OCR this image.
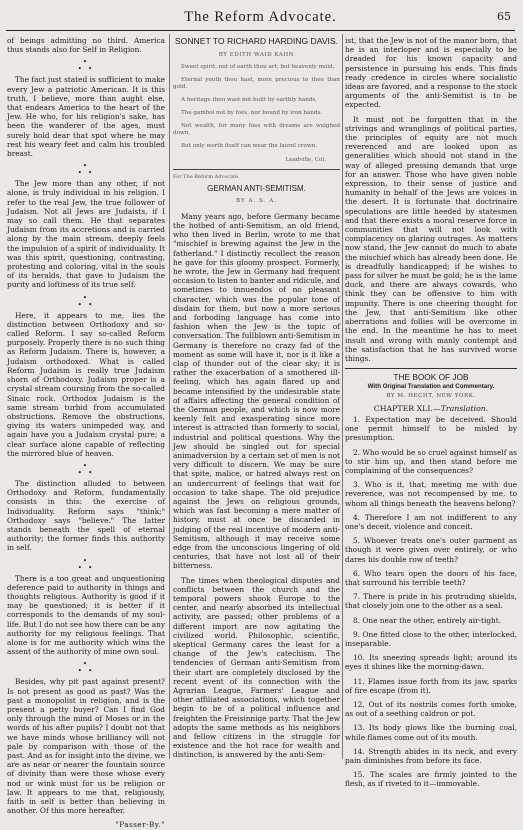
The Reform Advocate.	65

of beings admitting no third. America thus stands also for Self in Religion.

•
• •

The fact just stated is sufficient to make every Jew a patriotic American. It is this truth, I believe, more than aught else, that endears America to the heart of the Jew. He who, for his religion's sake, has been the wanderer of the ages, must surely hold dear that spot where he may rest his weary feet and calm his troubled breast.

•
• •

The Jew more than any other, if not alone, is truly individual in his religion. I refer to the real Jew, the true follower of Judaism. Not all Jews are Judaists, if I may so call them. He that separates Judaism from its accretions and is carried along by the main stream, deeply feels the impulsion of a spirit of individuality. It was this spirit, questioning, contrasting, protesting and coloring, vital in the souls of its heralds, that gave to Judaism the purity and loftiness of its true self.

•
• •

Here, it appears to me, lies the distinction between Orthodoxy and so-called Reform. I say so-called Reform purposely. Properly there is no such thing as Reform Judaism. There is, however, a Judaism orthodoxed. What is called Reform Judaism is really true Judaism shorn of Orthodoxy. Judaism proper is a crystal stream coursing from the so-called Sinaic rock. Orthodox Judaism is the same stream turbid from accumulated obstructions. Remove the obstructions, giving its waters unimpeded way, and again have you a Judaism crystal pure; a clear surface alone capable of reflecting the mirrored blue of heaven.

•
• •

The distinction alluded to between Orthodoxy and Reform, fundamentally consists in this: the exercise of Individuality. Reform says "think;" Orthodoxy says "believe." The latter stands beneath the spell of eternal authority; the former finds this authority in self.

•
• •

There is a too great and unquestioning deference paid to authority in things and thoughts religious. Authority is good if it may be questioned; it is better if it corresponds to the demands of my soul-life. But I do not see how there can be any authority for my religious feelings. That alone is for me authority which wins the assent of the authority of mine own soul.

•
• •

Besides, why pit past against present? Is not present as good as past? Was the past a monopolist in religion, and is the present a petty buyer? Can I find God only through the mind of Moses or in the words of his after pupils? I doubt not that we have minds whose brilliancy will not pale by comparison with those of the past. And as for insight into the divine, we are as near or nearer the fountain source of divinity than were those whose every nod or wink must for us be religion or law. It appears to me that, religiously, faith in self is better than believing in another. Of this more hereafter.

"Passer-By."
SONNET TO RICHARD HARDING DAVIS.
BY EDITH WAID KAHN

Sweet spirit, not of earth thou art, but heavenly mold,

Eternal youth thou hast, more precious to thee than gold.

A heritage thou wast not built by earthly hands,

The gambol not by foes, nor bound by iron bands.

Not wealth, for many foes with dreams are weighed down,

But only worth itself can wear the laurel crown.

Leadville, Col.
For The Reform Advocate.
GERMAN ANTI-SEMITISM.
BY A. S. A.

Many years ago, before Germany became the hotbed of anti-Semitism, an old friend, who then lived in Berlin, wrote to me that "mischief is brewing against the Jew in the fatherland." I distinctly recollect the reason he gave for this gloomy prospect. Formerly, he wrote, the Jew in Germany had frequent occasion to listen to banter and ridicule, and sometimes to innuendos of no pleasant character, which was the popular tone of disdain for them, but now a more serious and forboding language has come into fashion when the Jew is the topic of conversation. The fullblown anti-Semitism in Germany is therefore no crazy fad of the moment as some will have it, nor is it like a clap of thunder out of the clear sky; it is rather the exacerbation of a smothered ill-feeling, which has again flared up and became intensified by the undesirable state of affairs affecting the general condition of the German people, and which is now more keenly felt and exasperating since more interest is attracted than formerly to social, industrial and political questions. Why the Jew should be singled out for special animadversion by a certain set of men is not very difficult to discern. We may be sure that spite, malice, or hatred always rest on an undercurrent of feelings that wait for occasion to take shape. The old prejudice against the Jews on religious grounds, which was fast becoming a mere matter of history, must at once be discarded in judging of the real incentive of modern anti-Semitism, although it may receive some edge from the unconscious lingering of old centuries, that have not lost all of their bitterness.

The times when theological disputes and conflicts between the church and the temporal powers shook Europe to the center, and nearly absorbed its intellectual activity, are passed; other problems of a different import are now agitating the civilized world. Philosophic, scientific, skeptical Germany cares the least for a change of the Jew's catechism. The tendencies of German anti-Semitism from their start are completely disclosed by the recent event of its connection with the Agrarian League, Farmers' League and other affiliated associations, which together begin to be of a political influence and freighten the Freisinnige party. That the Jew adopts the same methods as his neighbors and fellow citizens in the struggle for existence and the hot race for wealth and distinction, is answered by the anti-Sem-

ist, that the Jew is not of the manor born, that he is an interloper and is especially to be dreaded for his known capacity and persistence in pursuing his ends. This finds ready credence in circles where socialistic ideas are favored, and a response to the stock arguments of the anti-Semitist is to be expected.

It must not be forgotten that in the strivings and wranglings of political parties, the principles of equity are not much reverenced and are looked upon as generalities which should not stand in the way of alleged pressing demands that urge for an answer. Those who have given noble expression, to their sense of justice and humanity in behalf of the Jews are voices in the desert. It is fortunate that doctrinaire speculations are little heeded by statesmen and that there exists a moral reserve force in communities that will not look with complacency on glaring outrages. As matters now stand, the Jew cannot do much to abate the mischief which has already been done. He is dreadfully handicapped; if he wishes to pass for silver he must be gold; he is the lame duck, and there are always cowards, who think they can be offensive to him with impunity. There is one cheering thought for the Jew, that anti-Semitism like other aberrations and follies will be overcome in the end. In the meantime he has to meet insult and wrong with manly contempt and the satisfaction that he has survived worse things.

THE BOOK OF JOB
With Original Translation and Commentary.
BY M. HECHT, NEW YORK.
CHAPTER XLI.—Translation.

1. Expectation may be deceived. Should one permit himself to be misled by presumption.

2. Who would be so cruel against himself as to stir him up, and then stand before me complaining of the consequences?

3. Who is it, that, meeting me with due reverence, was not recompensed by me, to whom all things beneath the heavens belong?

4. Therefore I am not indifferent to any one's deceit, violence and conceit.

5. Whoever treats one's outer garment as though it were given over entirely, or who dares his double row of teeth?

6. Who tears open the doors of his face, that surround his terrible teeth?

7. There is pride in his protruding shields, that closely join one to the other as a seal.

8. One near the other, entirely air-tight.

9. One fitted close to the other, interlocked, inseparable.

10. Its sneezing spreads light; around its eyes it shines like the morning-dawn.

11. Flames issue forth from its jaw, sparks of fire escape (from it).

12. Out of its nostrils comes forth smoke, as out of a seething caldron or pot.

13. Its body glows like the burning coal, while flames come out of its mouth.

14. Strength abides in its neck, and every pain diminishes from before its face.

15. The scales are firmly jointed to the flesh, as if riveted to it—immovable.
